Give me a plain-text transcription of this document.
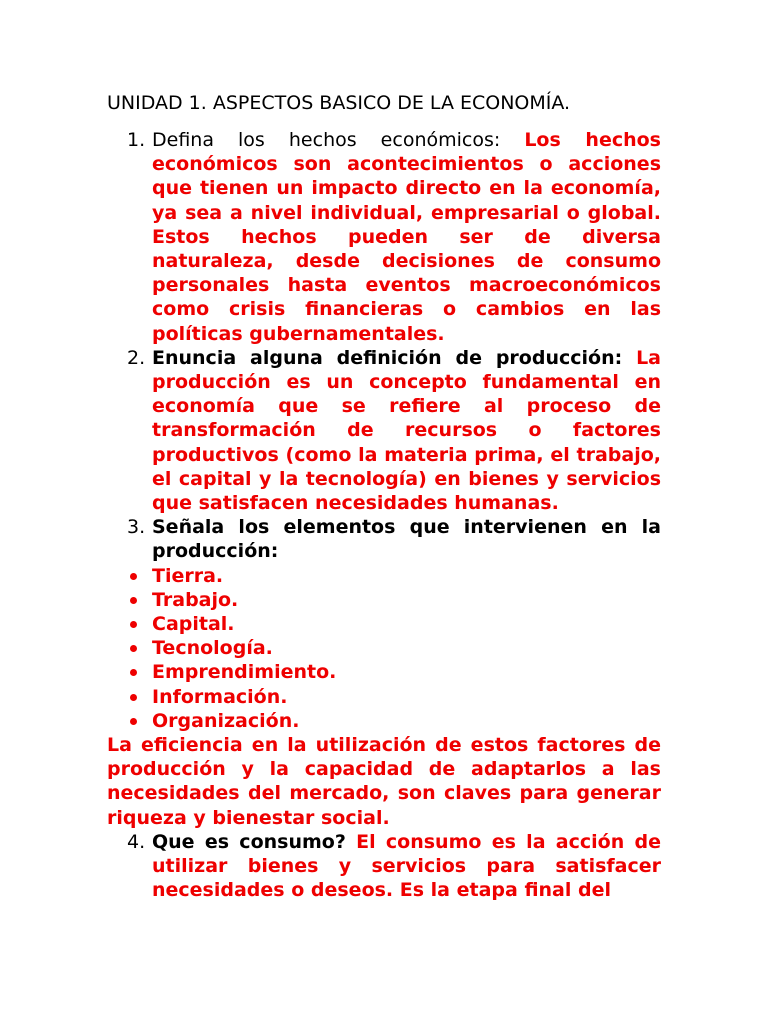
UNIDAD 1. ASPECTOS BASICO DE LA ECONOMÍA.
1. Defina los hechos económicos: Los hechos económicos son acontecimientos o acciones que tienen un impacto directo en la economía, ya sea a nivel individual, empresarial o global. Estos hechos pueden ser de diversa naturaleza, desde decisiones de consumo personales hasta eventos macroeconómicos como crisis financieras o cambios en las políticas gubernamentales.
2. Enuncia alguna definición de producción: La producción es un concepto fundamental en economía que se refiere al proceso de transformación de recursos o factores productivos (como la materia prima, el trabajo, el capital y la tecnología) en bienes y servicios que satisfacen necesidades humanas.
3. Señala los elementos que intervienen en la producción:
Tierra.
Trabajo.
Capital.
Tecnología.
Emprendimiento.
Información.
Organización.
La eficiencia en la utilización de estos factores de producción y la capacidad de adaptarlos a las necesidades del mercado, son claves para generar riqueza y bienestar social.
4. Que es consumo? El consumo es la acción de utilizar bienes y servicios para satisfacer necesidades o deseos. Es la etapa final del
